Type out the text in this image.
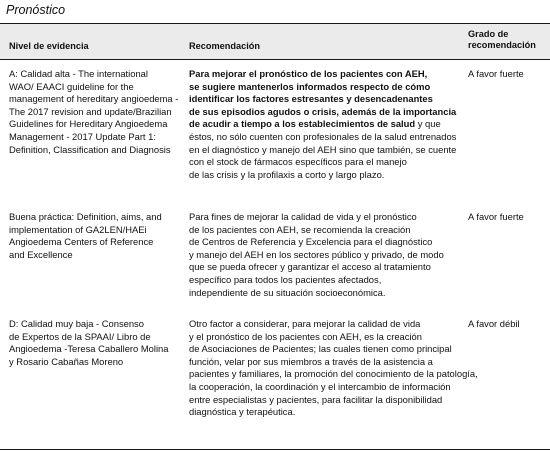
Pronóstico
Nivel de evidencia	Recomendación
Grado de
recomendación
A: Calidad alta - The international
WAO/ EAACI guideline for the
management of hereditary angioedema -
The 2017 revision and update/Brazilian
Guidelines for Hereditary Angioedema
Management - 2017 Update Part 1:
Definition, Classification and Diagnosis
Para mejorar el pronóstico de los pacientes con AEH,
se sugiere mantenerlos informados respecto de cómo
identificar los factores estresantes y desencadenantes
de sus episodios agudos o crisis, además de la importancia
de acudir a tiempo a los establecimientos de salud y que
éstos, no sólo cuenten con profesionales de la salud entrenados
en el diagnóstico y manejo del AEH sino que también, se cuente
con el stock de fármacos específicos para el manejo
de las crisis y la profilaxis a corto y largo plazo.
A favor fuerte
Buena práctica: Definition, aims, and
implementation of GA2LEN/HAEi
Angioedema Centers of Reference
and Excellence
Para fines de mejorar la calidad de vida y el pronóstico
de los pacientes con AEH, se recomienda la creación
de Centros de Referencia y Excelencia para el diagnóstico
y manejo del AEH en los sectores público y privado, de modo
que se pueda ofrecer y garantizar el acceso al tratamiento
específico para todos los pacientes afectados,
independiente de su situación socioeconómica.
A favor fuerte
D: Calidad muy baja - Consenso
de Expertos de la SPAAI/ Libro de
Angioedema -Teresa Caballero Molina
y Rosario Cabañas Moreno
Otro factor a considerar, para mejorar la calidad de vida
y el pronóstico de los pacientes con AEH, es la creación
de Asociaciones de Pacientes; las cuales tienen como principal
función, velar por sus miembros a través de la asistencia a
pacientes y familiares, la promoción del conocimiento de la patología,
la cooperación, la coordinación y el intercambio de información
entre especialistas y pacientes, para facilitar la disponibilidad
diagnóstica y terapéutica.
A favor débil
